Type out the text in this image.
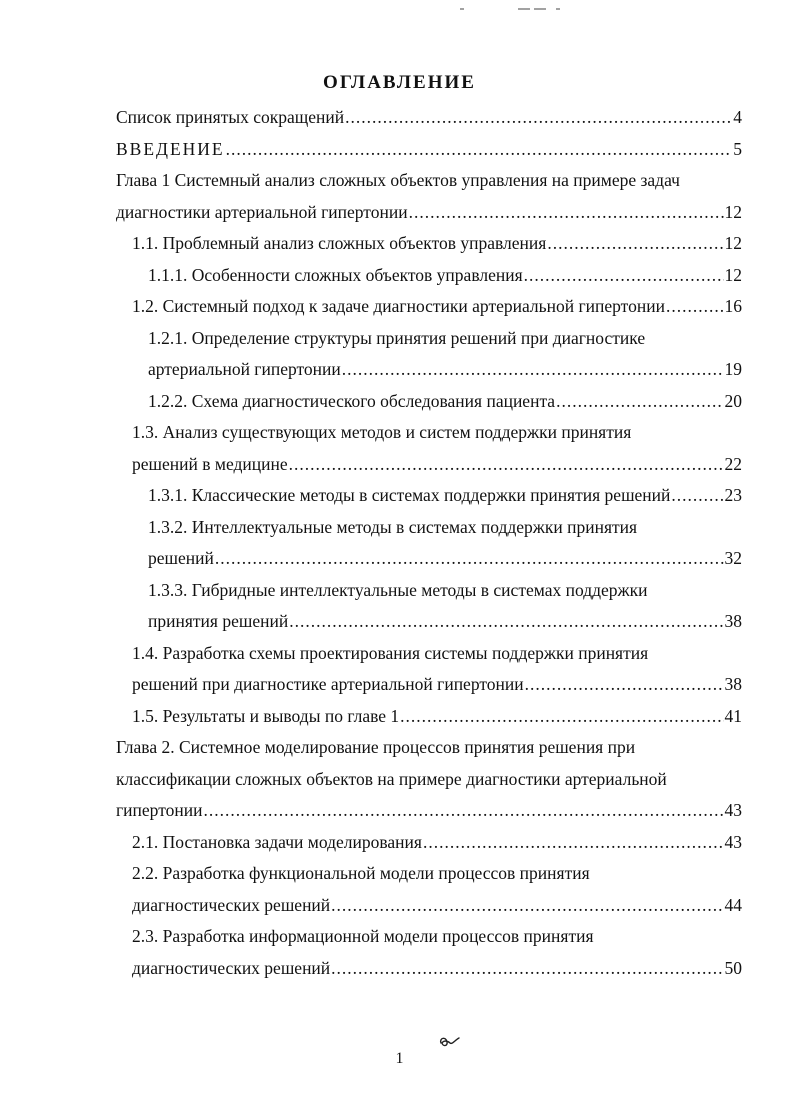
ОГЛАВЛЕНИЕ
Список принятых сокращений .....	4
ВВЕДЕНИЕ .....	5
Глава 1 Системный анализ сложных объектов управления на примере задач
диагностики артериальной гипертонии .....	12
1.1. Проблемный анализ сложных объектов управления .....	12
1.1.1. Особенности сложных объектов управления .....	12
1.2. Системный подход к задаче диагностики артериальной гипертонии .....	16
1.2.1. Определение структуры принятия решений при диагностике
артериальной гипертонии .....	19
1.2.2. Схема диагностического обследования пациента .....	20
1.3. Анализ существующих методов и систем поддержки принятия
решений в медицине .....	22
1.3.1. Классические методы в системах поддержки принятия решений .....	23
1.3.2. Интеллектуальные методы в системах поддержки принятия
решений .....	32
1.3.3. Гибридные интеллектуальные методы в системах поддержки
принятия решений .....	38
1.4. Разработка схемы проектирования системы поддержки принятия
решений при диагностике артериальной гипертонии .....	38
1.5. Результаты и выводы по главе 1 .....	41
Глава 2. Системное моделирование процессов принятия решения при
классификации сложных объектов на примере диагностики артериальной
гипертонии .....	43
2.1. Постановка задачи моделирования .....	43
2.2. Разработка функциональной модели процессов принятия
диагностических решений .....	44
2.3. Разработка информационной модели процессов принятия
диагностических решений .....	50
1
